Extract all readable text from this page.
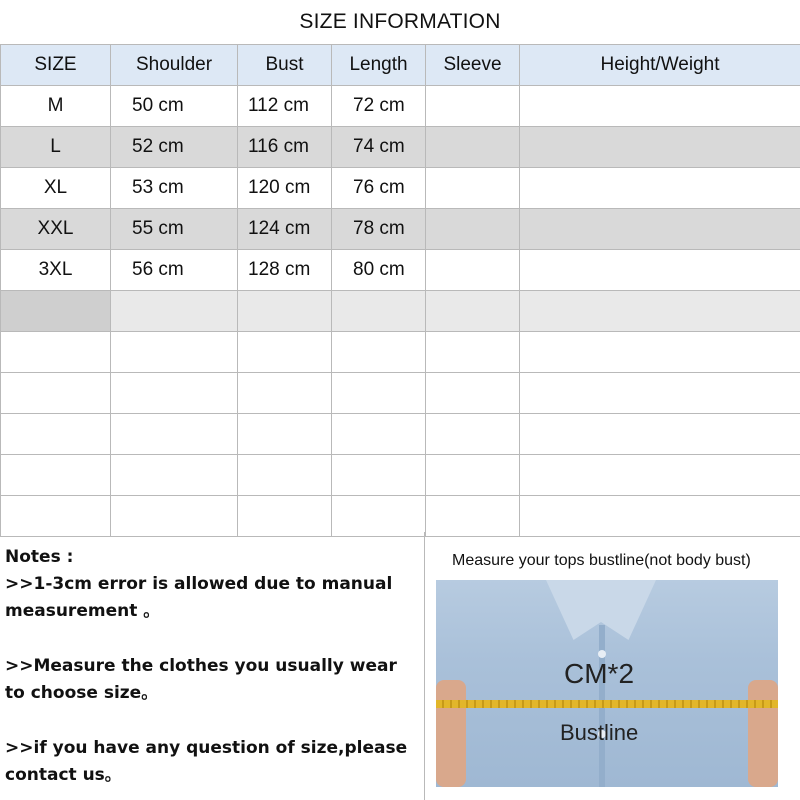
SIZE INFORMATION
SIZE	Shoulder	Bust	Length	Sleeve	Height/Weight
M	50 cm	112 cm	72 cm		
L	52 cm	116 cm	74 cm		
XL	53 cm	120 cm	76 cm		
XXL	55 cm	124 cm	78 cm		
3XL	56 cm	128 cm	80 cm		

Notes :

>>1-3cm error is allowed due to manual measurement 。

>>Measure the clothes you usually wear to choose size。

>>if you have any question of size,please contact us。

Measure your tops bustline(not body bust)
CM*2
Bustline
